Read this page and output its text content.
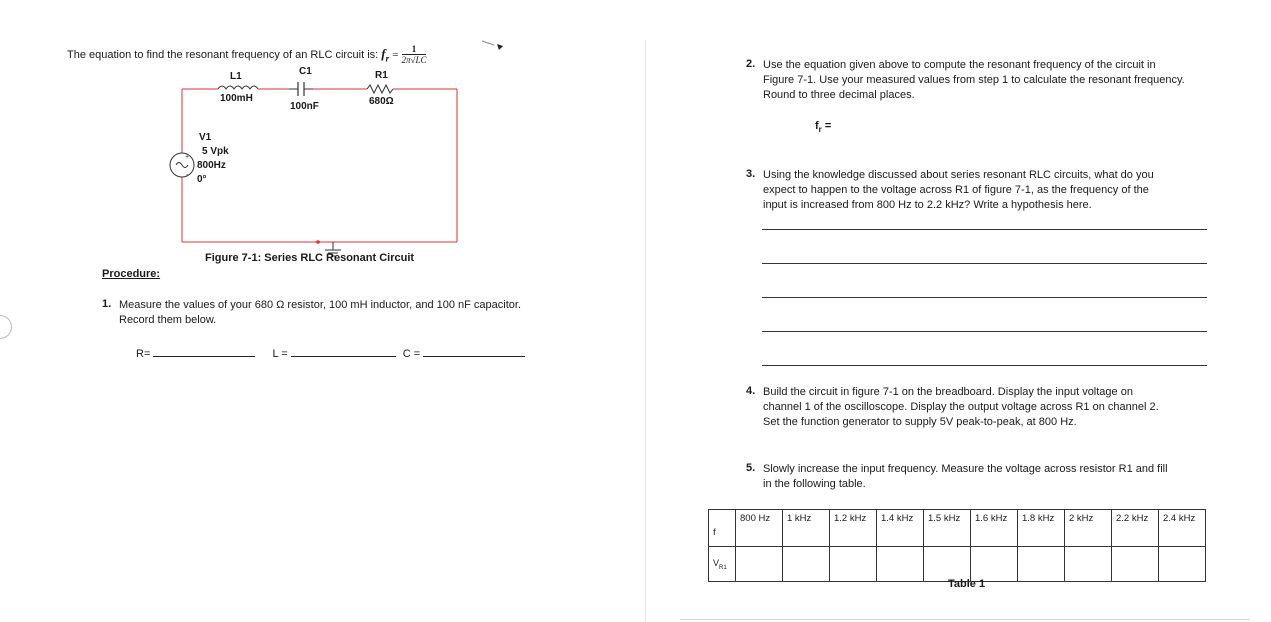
The equation to find the resonant frequency of an RLC circuit is: $f_r = \frac{1}{2\pi√LC}$
+
-
L1
100mH
C1
100nF
R1
680Ω
V1
5 Vpk
800Hz
0°
Figure 7-1: Series RLC Resonant Circuit
Procedure:
1. Measure the values of your 680 Ω resistor, 100 mH inductor, and 100 nF capacitor.
Record them below.
R=	L =	C =
2. Use the equation given above to compute the resonant frequency of the circuit in
Figure 7-1. Use your measured values from step 1 to calculate the resonant frequency.
Round to three decimal places.
$f_r$ =
3. Using the knowledge discussed about series resonant RLC circuits, what do you
expect to happen to the voltage across R1 of figure 7-1, as the frequency of the
input is increased from 800 Hz to 2.2 kHz? Write a hypothesis here.
4. Build the circuit in figure 7-1 on the breadboard. Display the input voltage on
channel 1 of the oscilloscope. Display the output voltage across R1 on channel 2.
Set the function generator to supply 5V peak-to-peak, at 800 Hz.
5. Slowly increase the input frequency. Measure the voltage across resistor R1 and fill
in the following table.
f	800 Hz	1 kHz	1.2 kHz	1.4 kHz	1.5 kHz	1.6 kHz	1.8 kHz	2 kHz	2.2 kHz	2.4 kHz
$V_{R1}$										
Table 1
